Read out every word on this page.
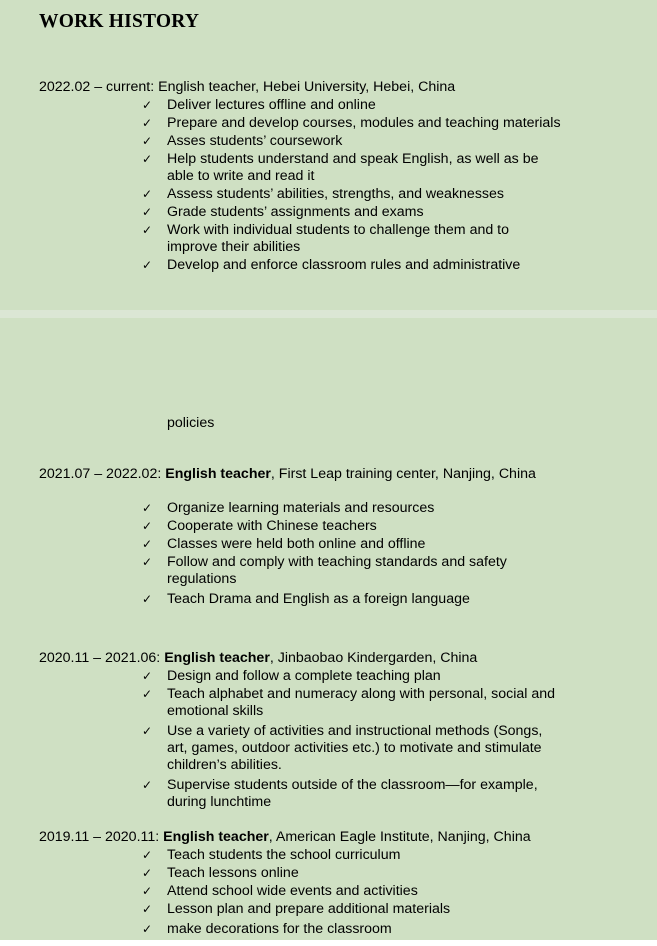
WORK HISTORY
2022.02 – current: English teacher, Hebei University, Hebei, China
✓ Deliver lectures offline and online
✓ Prepare and develop courses, modules and teaching materials
✓ Asses students’ coursework
✓ Help students understand and speak English, as well as be able to write and read it
✓ Assess students’ abilities, strengths, and weaknesses
✓ Grade students’ assignments and exams
✓ Work with individual students to challenge them and to improve their abilities
✓ Develop and enforce classroom rules and administrative
policies
2021.07 – 2022.02: English teacher, First Leap training center, Nanjing, China
✓ Organize learning materials and resources
✓ Cooperate with Chinese teachers
✓ Classes were held both online and offline
✓ Follow and comply with teaching standards and safety regulations
✓ Teach Drama and English as a foreign language
2020.11 – 2021.06: English teacher, Jinbaobao Kindergarden, China
✓ Design and follow a complete teaching plan
✓ Teach alphabet and numeracy along with personal, social and emotional skills
✓ Use a variety of activities and instructional methods (Songs, art, games, outdoor activities etc.) to motivate and stimulate children’s abilities.
✓ Supervise students outside of the classroom—for example, during lunchtime
2019.11 – 2020.11: English teacher, American Eagle Institute, Nanjing, China
✓ Teach students the school curriculum
✓ Teach lessons online
✓ Attend school wide events and activities
✓ Lesson plan and prepare additional materials
✓ make decorations for the classroom
